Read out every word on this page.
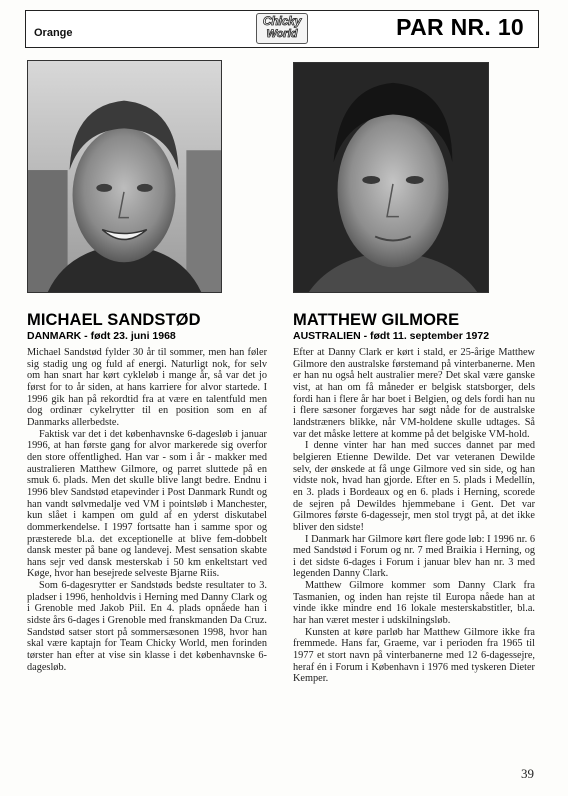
Orange
Chicky
World	PAR NR. 10
MICHAEL SANDSTØD
DANMARK - født 23. juni 1968

Michael Sandstød fylder 30 år til sommer, men han føler sig stadig ung og fuld af energi. Naturligt nok, for selv om han snart har kørt cykleløb i mange år, så var det jo først for to år siden, at hans karriere for alvor startede. I 1996 gik han på rekordtid fra at være en talentfuld men dog ordinær cykelrytter til en position som en af Danmarks allerbedste.

Faktisk var det i det københavnske 6-dagesløb i januar 1996, at han første gang for alvor markerede sig overfor den store offentlighed. Han var - som i år - makker med australieren Matthew Gilmore, og parret sluttede på en smuk 6. plads. Men det skulle blive langt bedre. Endnu i 1996 blev Sandstød etapevinder i Post Danmark Rundt og han vandt sølvmedalje ved VM i pointsløb i Manchester, kun slået i kampen om guld af en yderst diskutabel dommerkendelse. I 1997 fortsatte han i samme spor og præsterede bl.a. det exceptionelle at blive fem-dobbelt dansk mester på bane og landevej. Mest sensation skabte hans sejr ved dansk mesterskab i 50 km enkeltstart ved Køge, hvor han besejrede selveste Bjarne Riis.

Som 6-dagesrytter er Sandstøds bedste resultater to 3. pladser i 1996, henholdvis i Herning med Danny Clark og i Grenoble med Jakob Piil. En 4. plads opnåede han i sidste års 6-dages i Grenoble med franskmanden Da Cruz. Sandstød satser stort på sommersæsonen 1998, hvor han skal være kaptajn for Team Chicky World, men forinden tørster han efter at vise sin klasse i det københavnske 6-dagesløb.

MATTHEW GILMORE
AUSTRALIEN - født 11. september 1972

Efter at Danny Clark er kørt i stald, er 25-årige Matthew Gilmore den australske førstemand på vinterbanerne. Men er han nu også helt australier mere? Det skal være ganske vist, at han om få måneder er belgisk statsborger, dels fordi han i flere år har boet i Belgien, og dels fordi han nu i flere sæsoner forgæves har søgt nåde for de australske landstræners blikke, når VM-holdene skulle udtages. Så var det måske lettere at komme på det belgiske VM-hold.

I denne vinter har han med succes dannet par med belgieren Etienne Dewilde. Det var veteranen Dewilde selv, der ønskede at få unge Gilmore ved sin side, og han vidste nok, hvad han gjorde. Efter en 5. plads i Medellín, en 3. plads i Bordeaux og en 6. plads i Herning, scorede de sejren på Dewildes hjemmebane i Gent. Det var Gilmores første 6-dagessejr, men stol trygt på, at det ikke bliver den sidste!

I Danmark har Gilmore kørt flere gode løb: I 1996 nr. 6 med Sandstød i Forum og nr. 7 med Braikia i Herning, og i det sidste 6-dages i Forum i januar blev han nr. 3 med legenden Danny Clark.

Matthew Gilmore kommer som Danny Clark fra Tasmanien, og inden han rejste til Europa nåede han at vinde ikke mindre end 16 lokale mesterskabstitler, bl.a. har han været mester i udskilningsløb.

Kunsten at køre parløb har Matthew Gilmore ikke fra fremmede. Hans far, Graeme, var i perioden fra 1965 til 1977 et stort navn på vinterbanerne med 12 6-dagessejre, heraf én i Forum i København i 1976 med tyskeren Dieter Kemper.

39
